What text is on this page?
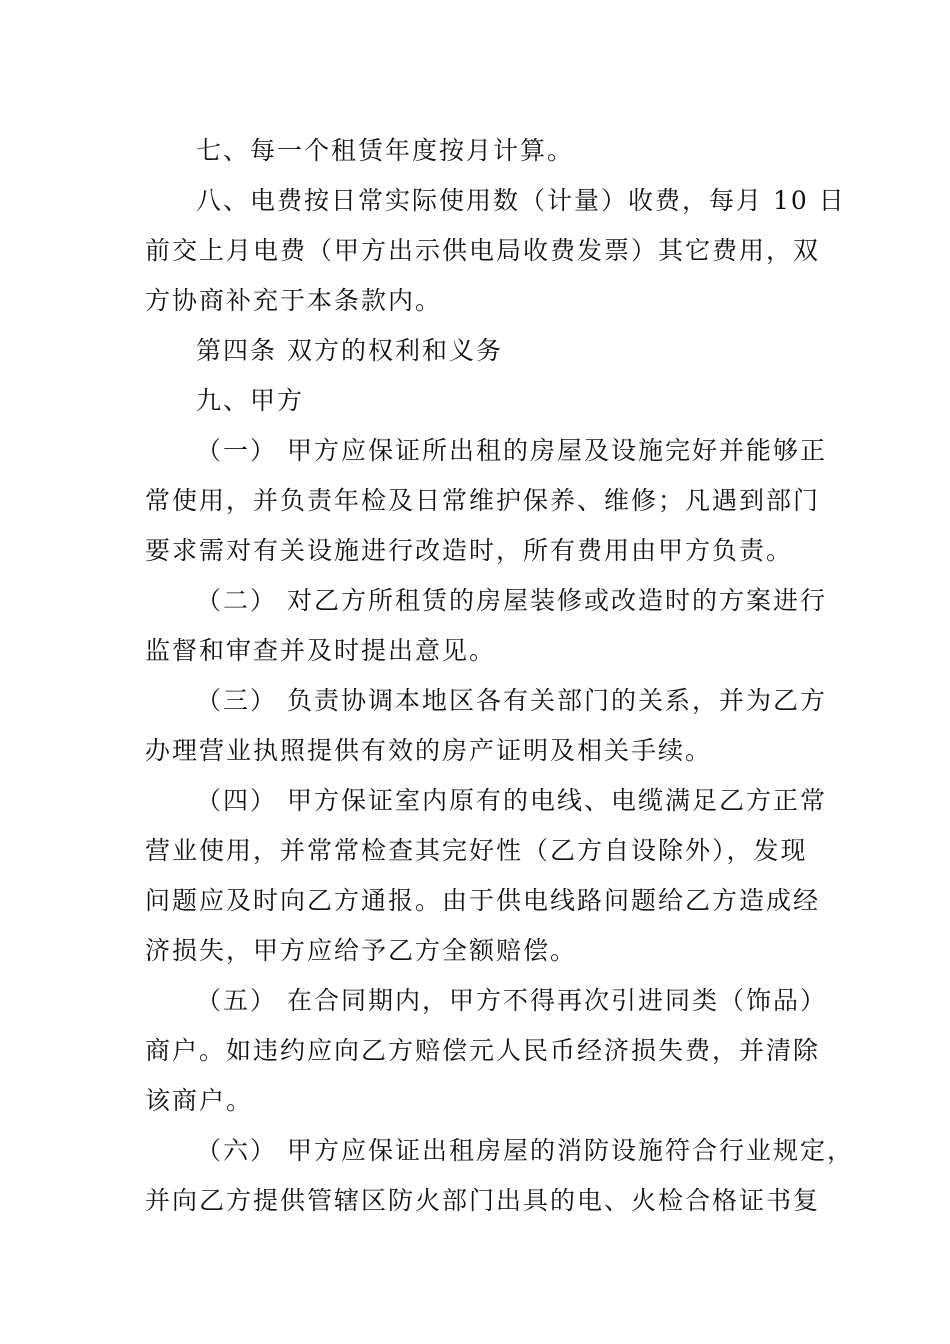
七、每一个租赁年度按月计算。
八、电费按日常实际使用数（计量）收费，每月 10 日
前交上月电费（甲方出示供电局收费发票）其它费用，双
方协商补充于本条款内。
第四条 双方的权利和义务
九、甲方
（一） 甲方应保证所出租的房屋及设施完好并能够正
常使用，并负责年检及日常维护保养、维修；凡遇到部门
要求需对有关设施进行改造时，所有费用由甲方负责。
（二） 对乙方所租赁的房屋装修或改造时的方案进行
监督和审查并及时提出意见。
（三） 负责协调本地区各有关部门的关系，并为乙方
办理营业执照提供有效的房产证明及相关手续。
（四） 甲方保证室内原有的电线、电缆满足乙方正常
营业使用，并常常检查其完好性（乙方自设除外），发现
问题应及时向乙方通报。由于供电线路问题给乙方造成经
济损失，甲方应给予乙方全额赔偿。
（五） 在合同期内，甲方不得再次引进同类（饰品）
商户。如违约应向乙方赔偿元人民币经济损失费，并清除
该商户。
（六） 甲方应保证出租房屋的消防设施符合行业规定，
并向乙方提供管辖区防火部门出具的电、火检合格证书复
